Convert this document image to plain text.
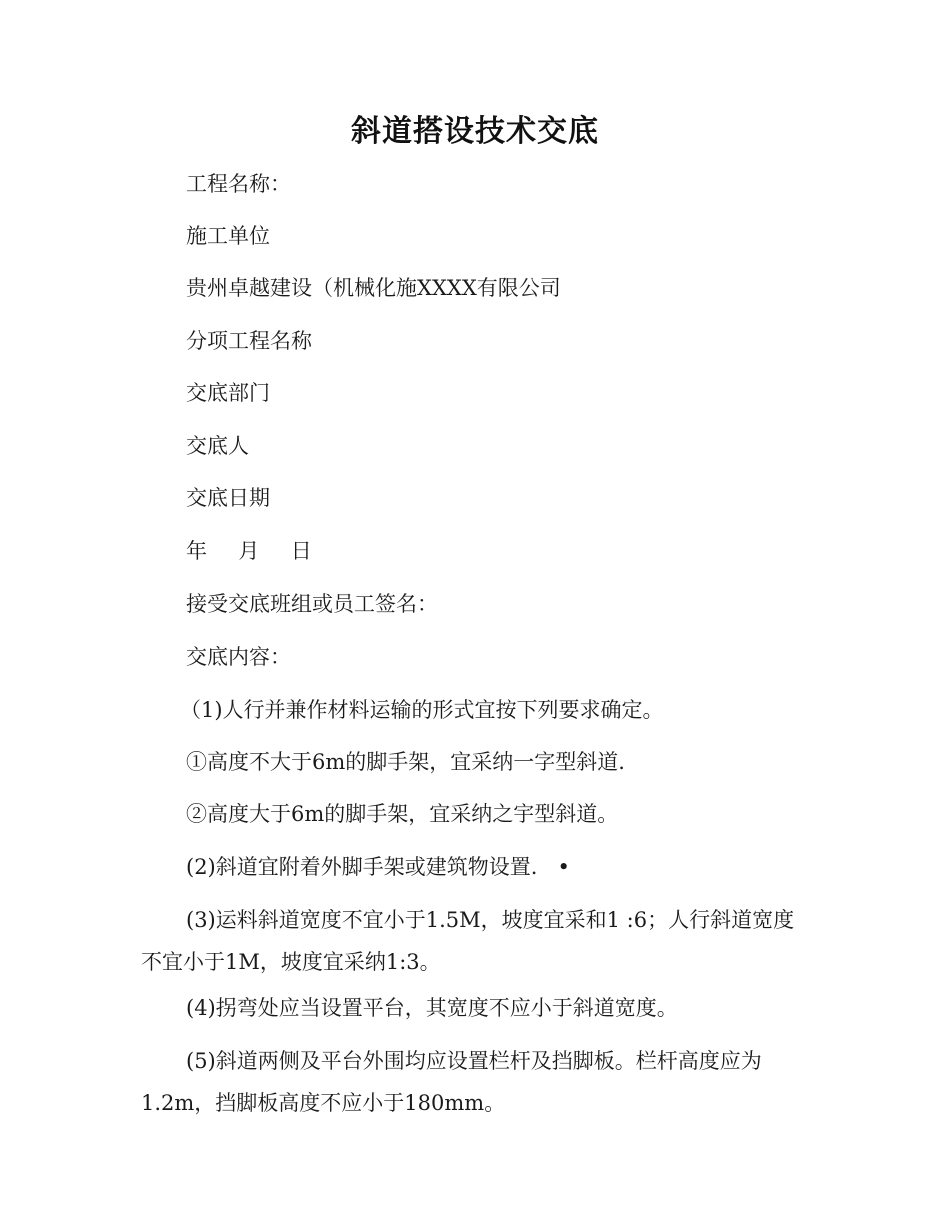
斜道搭设技术交底
工程名称：
施工单位
贵州卓越建设（机械化施XXXX有限公司
分项工程名称
交底部门
交底人
交底日期
年  月  日
接受交底班组或员工签名：
交底内容：
（1)人行并兼作材料运输的形式宜按下列要求确定。
①高度不大于6m的脚手架，宜采纳一字型斜道.
②高度大于6m的脚手架，宜采纳之宇型斜道。
(2)斜道宜附着外脚手架或建筑物设置.   •
(3)运料斜道宽度不宜小于1.5M，坡度宜采和1 :6；人行斜道宽度不宜小于1M，坡度宜采纳1:3。
(4)拐弯处应当设置平台，其宽度不应小于斜道宽度。
(5)斜道两侧及平台外围均应设置栏杆及挡脚板。栏杆高度应为1.2m，挡脚板高度不应小于180mm。
